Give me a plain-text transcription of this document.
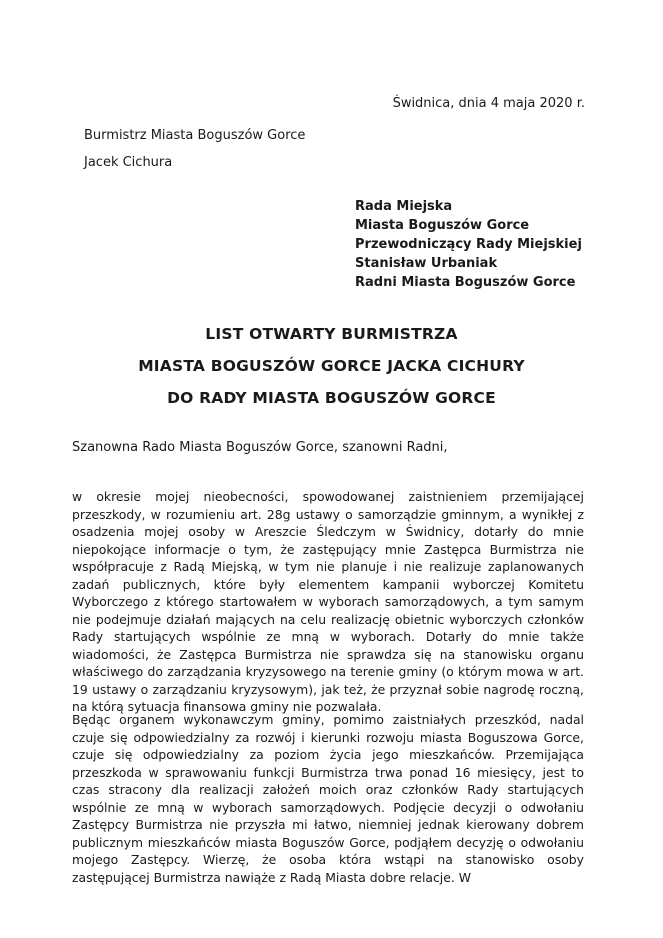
Świdnica, dnia 4 maja 2020 r.
Burmistrz Miasta Boguszów Gorce
Jacek Cichura
Rada Miejska
Miasta Boguszów Gorce
Przewodniczący Rady Miejskiej
Stanisław Urbaniak
Radni Miasta Boguszów Gorce
LIST OTWARTY BURMISTRZA
MIASTA BOGUSZÓW GORCE JACKA CICHURY
DO RADY MIASTA BOGUSZÓW GORCE
Szanowna Rado Miasta Boguszów Gorce, szanowni Radni,

w okresie mojej nieobecności, spowodowanej zaistnieniem przemijającej przeszkody, w rozumieniu art. 28g ustawy o samorządzie gminnym, a wynikłej z osadzenia mojej osoby w Areszcie Śledczym w Świdnicy, dotarły do mnie niepokojące informacje o tym, że zastępujący mnie Zastępca Burmistrza nie współpracuje z Radą Miejską, w tym nie planuje i nie realizuje zaplanowanych zadań publicznych, które były elementem kampanii wyborczej Komitetu Wyborczego z którego startowałem w wyborach samorządowych, a tym samym nie podejmuje działań mających na celu realizację obietnic wyborczych członków Rady startujących wspólnie ze mną w wyborach. Dotarły do mnie także wiadomości, że Zastępca Burmistrza nie sprawdza się na stanowisku organu właściwego do zarządzania kryzysowego na terenie gminy (o którym mowa w art. 19 ustawy o zarządzaniu kryzysowym), jak też, że przyznał sobie nagrodę roczną, na którą sytuacja finansowa gminy nie pozwalała.

Będąc organem wykonawczym gminy, pomimo zaistniałych przeszkód, nadal czuje się odpowiedzialny za rozwój i kierunki rozwoju miasta Boguszowa Gorce, czuje się odpowiedzialny za poziom życia jego mieszkańców. Przemijająca przeszkoda w sprawowaniu funkcji Burmistrza trwa ponad 16 miesięcy, jest to czas stracony dla realizacji założeń moich oraz członków Rady startujących wspólnie ze mną w wyborach samorządowych. Podjęcie decyzji o odwołaniu Zastępcy Burmistrza nie przyszła mi łatwo, niemniej jednak kierowany dobrem publicznym mieszkańców miasta Boguszów Gorce, podjąłem decyzję o odwołaniu mojego Zastępcy. Wierzę, że osoba która wstąpi na stanowisko osoby zastępującej Burmistrza nawiąże z Radą Miasta dobre relacje. W
